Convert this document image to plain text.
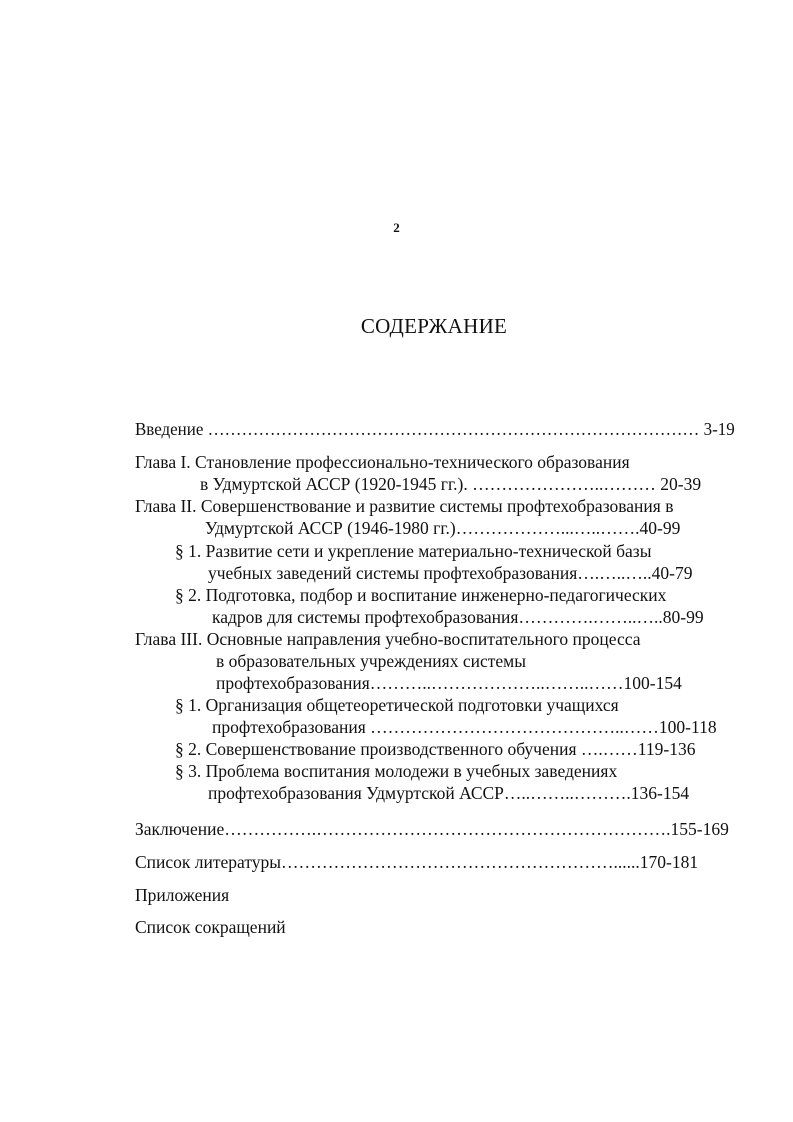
2
СОДЕРЖАНИЕ
Введение …………………………………………………………………………… 3-19
Глава I. Становление профессионально-технического образования
в Удмуртской АССР (1920-1945 гг.). …………………..……… 20-39
Глава II. Совершенствование и развитие системы профтехобразования в
Удмуртской АССР (1946-1980 гг.)………………...…..…….40-99
§ 1. Развитие сети и укрепление материально-технической базы
учебных заведений системы профтехобразования….…..…..40-79
§ 2. Подготовка, подбор и воспитание инженерно-педагогических
кадров для системы профтехобразования………….……..…..80-99
Глава III. Основные направления учебно-воспитательного процесса
в образовательных учреждениях системы
профтехобразования………..………………..……..……100-154
§ 1. Организация общетеоретической подготовки учащихся
профтехобразования ……………………………………..……100-118
§ 2. Совершенствование производственного обучения ….……119-136
§ 3. Проблема воспитания молодежи в учебных заведениях
профтехобразования Удмуртской АССР…..……..……….136-154
Заключение…………….…………………………………………………….155-169
Список литературы…………………………………………………......170-181
Приложения
Список сокращений
